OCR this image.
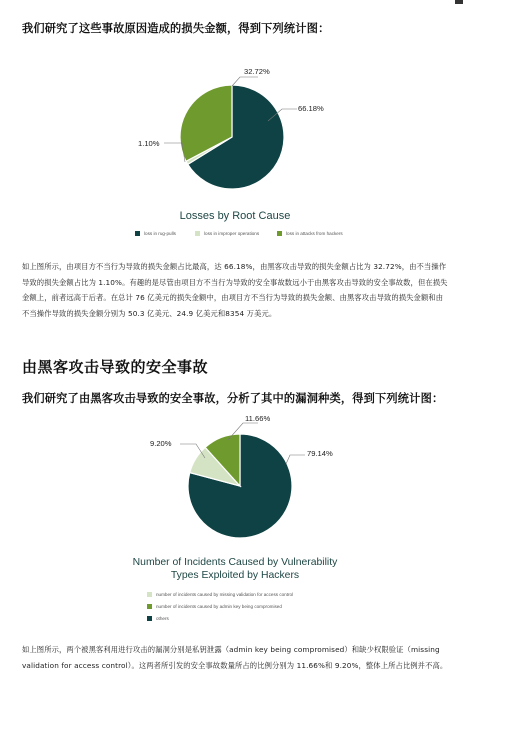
我们研究了这些事故原因造成的损失金额，得到下列统计图：

32.72%
66.18%
1.10%
Losses by Root Cause
loss in rug-pulls	loss in improper operations	loss in attacks from hackers
如上图所示，由项目方不当行为导致的损失金额占比最高，达 66.18%，由黑客攻击导致的损失金额占比为 32.72%，由不当操作
导致的损失金额占比为 1.10%。有趣的是尽管由项目方不当行为导致的安全事故数远小于由黑客攻击导致的安全事故数，但在损失
金额上，前者远高于后者。在总计 76 亿美元的损失金额中，由项目方不当行为导致的损失金额、由黑客攻击导致的损失金额和由
不当操作导致的损失金额分别为 50.3 亿美元、24.9 亿美元和8354 万美元。

由黑客攻击导致的安全事故

我们研究了由黑客攻击导致的安全事故，分析了其中的漏洞种类，得到下列统计图：

11.66%
79.14%
9.20%
Number of Incidents Caused by Vulnerability
Types Exploited by Hackers
number of incidents caused by missing validation for access control
number of incidents caused by admin key being compromised
others
如上图所示，两个被黑客利用进行攻击的漏洞分别是私钥泄露（admin key being compromised）和缺少权限验证（missing
validation for access control）。这两者所引发的安全事故数量所占的比例分别为 11.66%和 9.20%，整体上所占比例并不高。
